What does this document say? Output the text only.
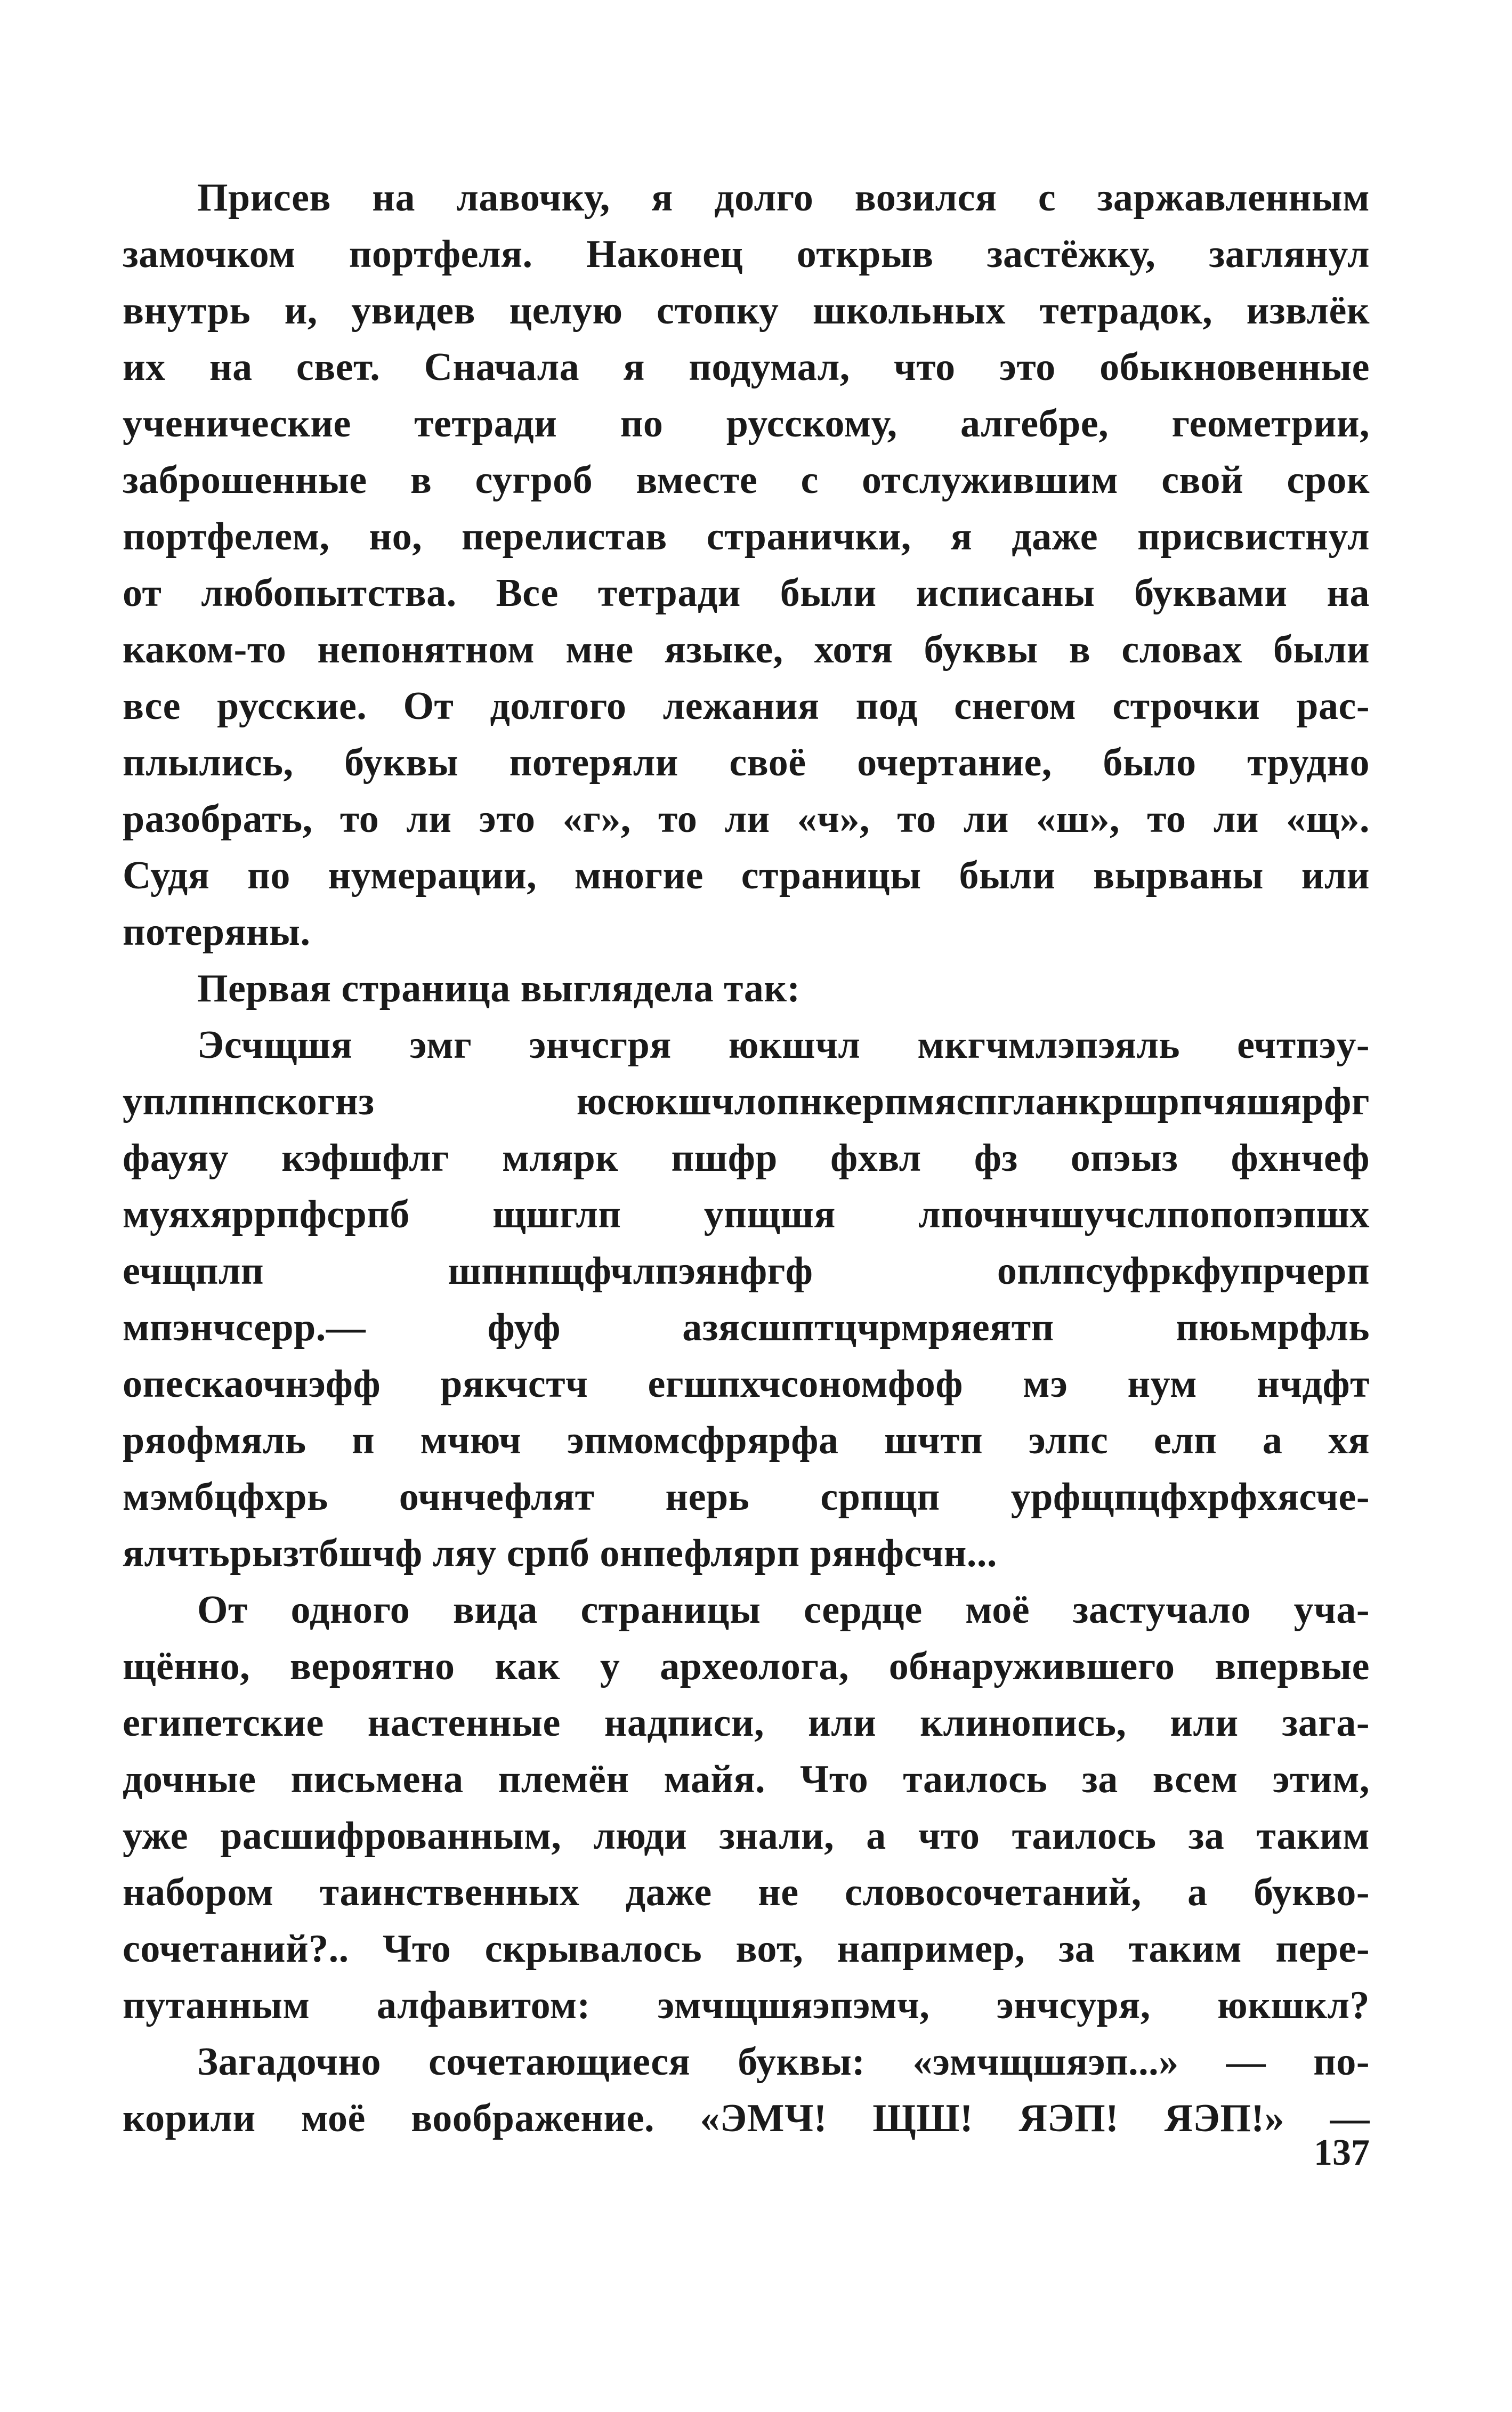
Присев на лавочку, я долго возился с заржавленным
замочком портфеля. Наконец открыв застёжку, заглянул
внутрь и, увидев целую стопку школьных тетрадок, извлёк
их на свет. Сначала я подумал, что это обыкновенные
ученические тетради по русскому, алгебре, геометрии,
заброшенные в сугроб вместе с отслужившим свой срок
портфелем, но, перелистав странички, я даже присвистнул
от любопытства. Все тетради были исписаны буквами на
каком-то непонятном мне языке, хотя буквы в словах были
все русские. От долгого лежания под снегом строчки рас-
плылись, буквы потеряли своё очертание, было трудно
разобрать, то ли это «г», то ли «ч», то ли «ш», то ли «щ».
Судя по нумерации, многие страницы были вырваны или
потеряны.
Первая страница выглядела так:
Эсчщшя эмг энчсгря юкшчл мкгчмлэпэяль ечтпэу-
уплпнпскогнз юсюкшчлопнкерпмяспгланкршрпчяшярфг
фауяу кэфшфлг млярк пшфр фхвл фз опэыз фхнчеф
муяхяррпфсрпб щшглп упщшя лпочнчшучслпопопэпшх
ечщплп шпнпщфчлпэянфгф оплпсуфркфупрчерп
мпэнчсерр.— фуф азясшптцчрмряеятп пюьмрфль
опескаочнэфф рякчстч егшпхчсономфоф мэ нум нчдфт
ряофмяль п мчюч эпмомсфрярфа шчтп элпс елп а хя
мэмбцфхрь очнчефлят нерь српщп урфщпцфхрфхясче-
ялчтьрызтбшчф ляу српб онпефлярп рянфсчн...
От одного вида страницы сердце моё застучало уча-
щённо, вероятно как у археолога, обнаружившего впервые
египетские настенные надписи, или клинопись, или зага-
дочные письмена племён майя. Что таилось за всем этим,
уже расшифрованным, люди знали, а что таилось за таким
набором таинственных даже не словосочетаний, а букво-
сочетаний?.. Что скрывалось вот, например, за таким пере-
путанным алфавитом: эмчщшяэпэмч, энчсуря, юкшкл?
Загадочно сочетающиеся буквы: «эмчщшяэп...» — по-
корили моё воображение. «ЭМЧ! ЩШ! ЯЭП! ЯЭП!» —
137
